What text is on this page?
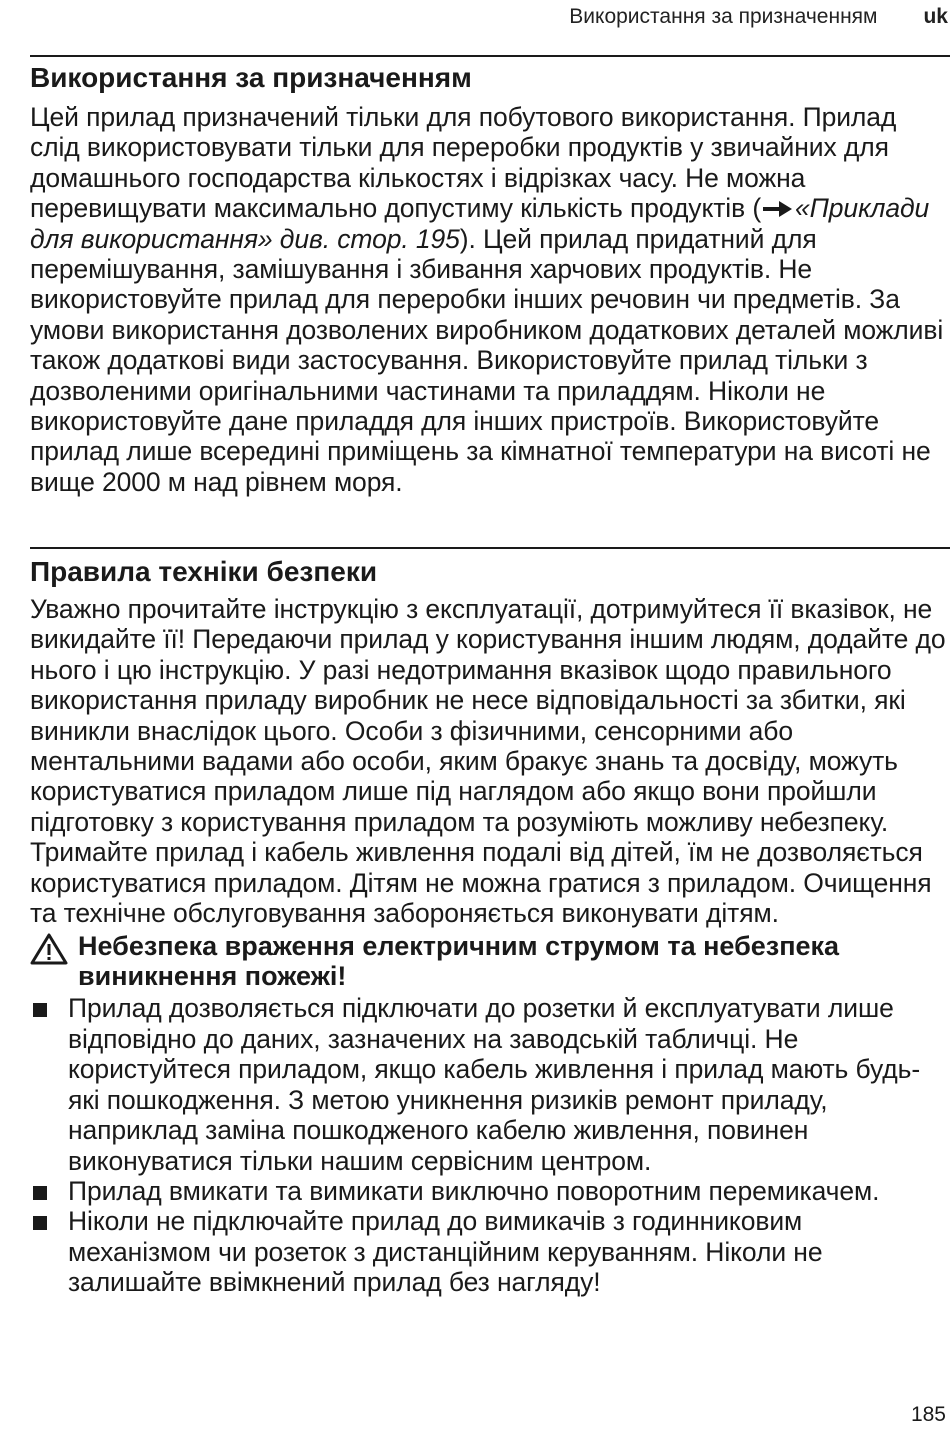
Використання за призначенням uk
Використання за призначенням

Цей прилад призначений тільки для побутового використання. Прилад слід використовувати тільки для переробки продуктів у звичайних для домашнього господарства кількостях і відрізках часу. Не можна перевищувати максимально допустиму кількість продуктів ( «Приклади для використання» див. стор. 195). Цей прилад придатний для перемішування, замішування і збивання харчових продуктів. Не використовуйте прилад для переробки інших речовин чи предметів. За умови використання дозволених виробником додаткових деталей можливі також додаткові види застосування. Використовуйте прилад тільки з дозволеними оригінальними частинами та приладдям. Ніколи не використовуйте дане приладдя для інших пристроїв. Використовуйте прилад лише всередині приміщень за кімнатної температури на висоті не вище 2000 м над рівнем моря.

Правила техніки безпеки

Уважно прочитайте інструкцію з експлуатації, дотримуйтеся її вказівок, не викидайте її! Передаючи прилад у користування іншим людям, додайте до нього і цю інструкцію. У разі недотримання вказівок щодо правильного використання приладу виробник не несе відповідальності за збитки, які виникли внаслідок цього. Особи з фізичними, сенсорними або ментальними вадами або особи, яким бракує знань та досвіду, можуть користуватися приладом лише під наглядом або якщо вони пройшли підготовку з користування приладом та розуміють можливу небезпеку. Тримайте прилад і кабель живлення подалі від дітей, їм не дозволяється користуватися приладом. Дітям не можна гратися з приладом. Очищення та технічне обслуговування забороняється виконувати дітям.

Небезпека враження електричним струмом та небезпека виникнення пожежі!
Прилад дозволяється підключати до розетки й експлуатувати лише відповідно до даних, зазначених на заводській табличці. Не користуйтеся приладом, якщо кабель живлення і прилад мають будь-які пошкодження. З метою уникнення ризиків ремонт приладу, наприклад заміна пошкодженого кабелю живлення, повинен виконуватися тільки нашим сервісним центром.
Прилад вмикати та вимикати виключно поворотним перемикачем.
Ніколи не підключайте прилад до вимикачів з годинниковим механізмом чи розеток з дистанційним керуванням. Ніколи не залишайте ввімкнений прилад без нагляду!
185
